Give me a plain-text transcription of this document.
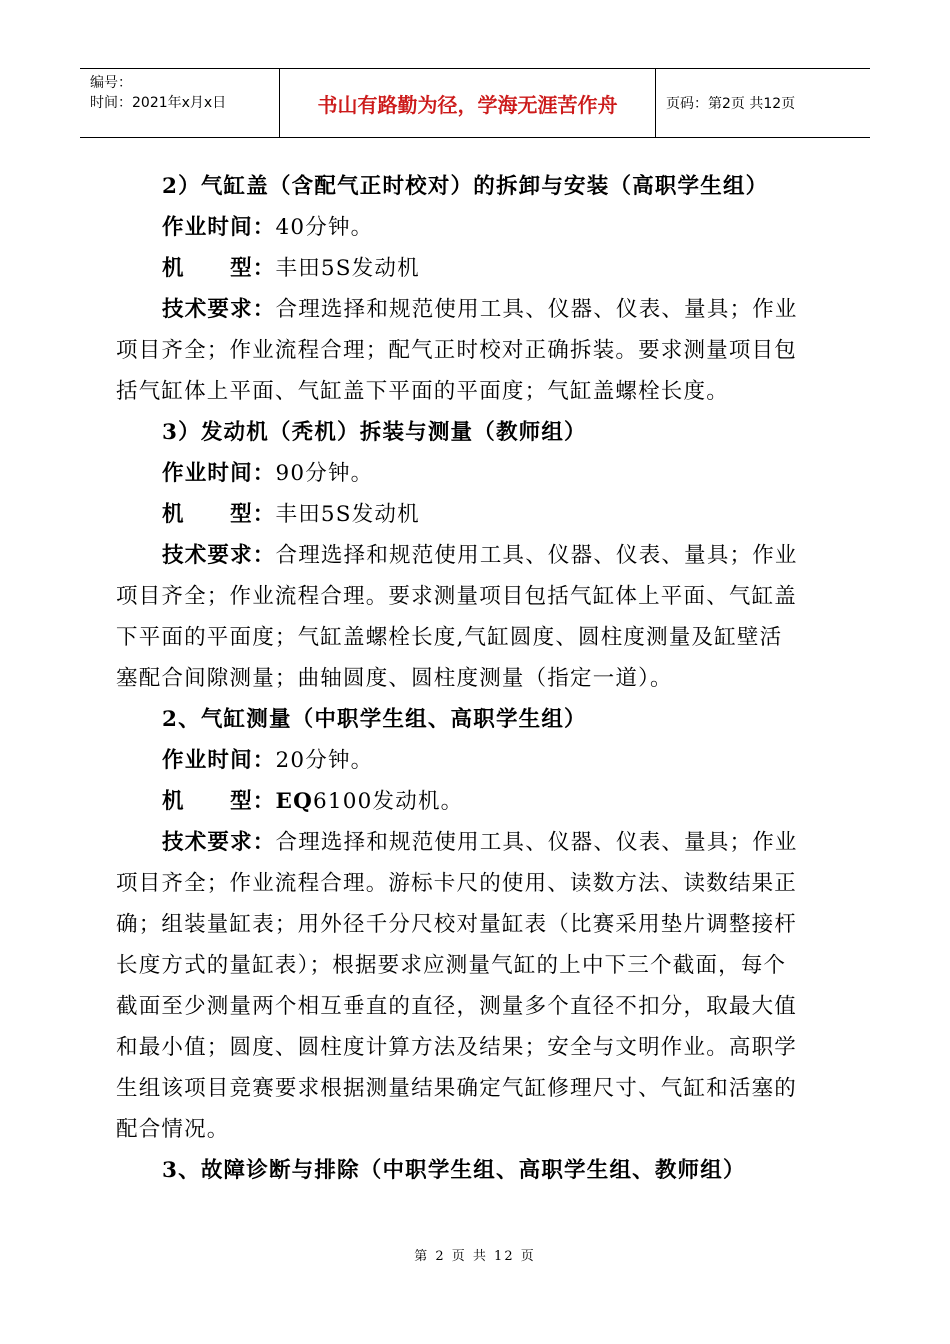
编号：
时间：2021年x月x日	书山有路勤为径，学海无涯苦作舟	页码：第2页 共12页
2）气缸盖（含配气正时校对）的拆卸与安装（高职学生组）
作业时间：40分钟。
机　　型：丰田5S发动机
技术要求：合理选择和规范使用工具、仪器、仪表、量具；作业
项目齐全；作业流程合理；配气正时校对正确拆装。要求测量项目包
括气缸体上平面、气缸盖下平面的平面度；气缸盖螺栓长度。
3）发动机（秃机）拆装与测量（教师组）
作业时间：90分钟。
机　　型：丰田5S发动机
技术要求：合理选择和规范使用工具、仪器、仪表、量具；作业
项目齐全；作业流程合理。要求测量项目包括气缸体上平面、气缸盖
下平面的平面度；气缸盖螺栓长度,气缸圆度、圆柱度测量及缸壁活
塞配合间隙测量；曲轴圆度、圆柱度测量（指定一道）。
2、气缸测量（中职学生组、高职学生组）
作业时间：20分钟。
机　　型：EQ6100发动机。
技术要求：合理选择和规范使用工具、仪器、仪表、量具；作业
项目齐全；作业流程合理。游标卡尺的使用、读数方法、读数结果正
确；组装量缸表；用外径千分尺校对量缸表（比赛采用垫片调整接杆
长度方式的量缸表）；根据要求应测量气缸的上中下三个截面，每个
截面至少测量两个相互垂直的直径，测量多个直径不扣分，取最大值
和最小值；圆度、圆柱度计算方法及结果；安全与文明作业。高职学
生组该项目竞赛要求根据测量结果确定气缸修理尺寸、气缸和活塞的
配合情况。
3、故障诊断与排除（中职学生组、高职学生组、教师组）
第 2 页 共 12 页
